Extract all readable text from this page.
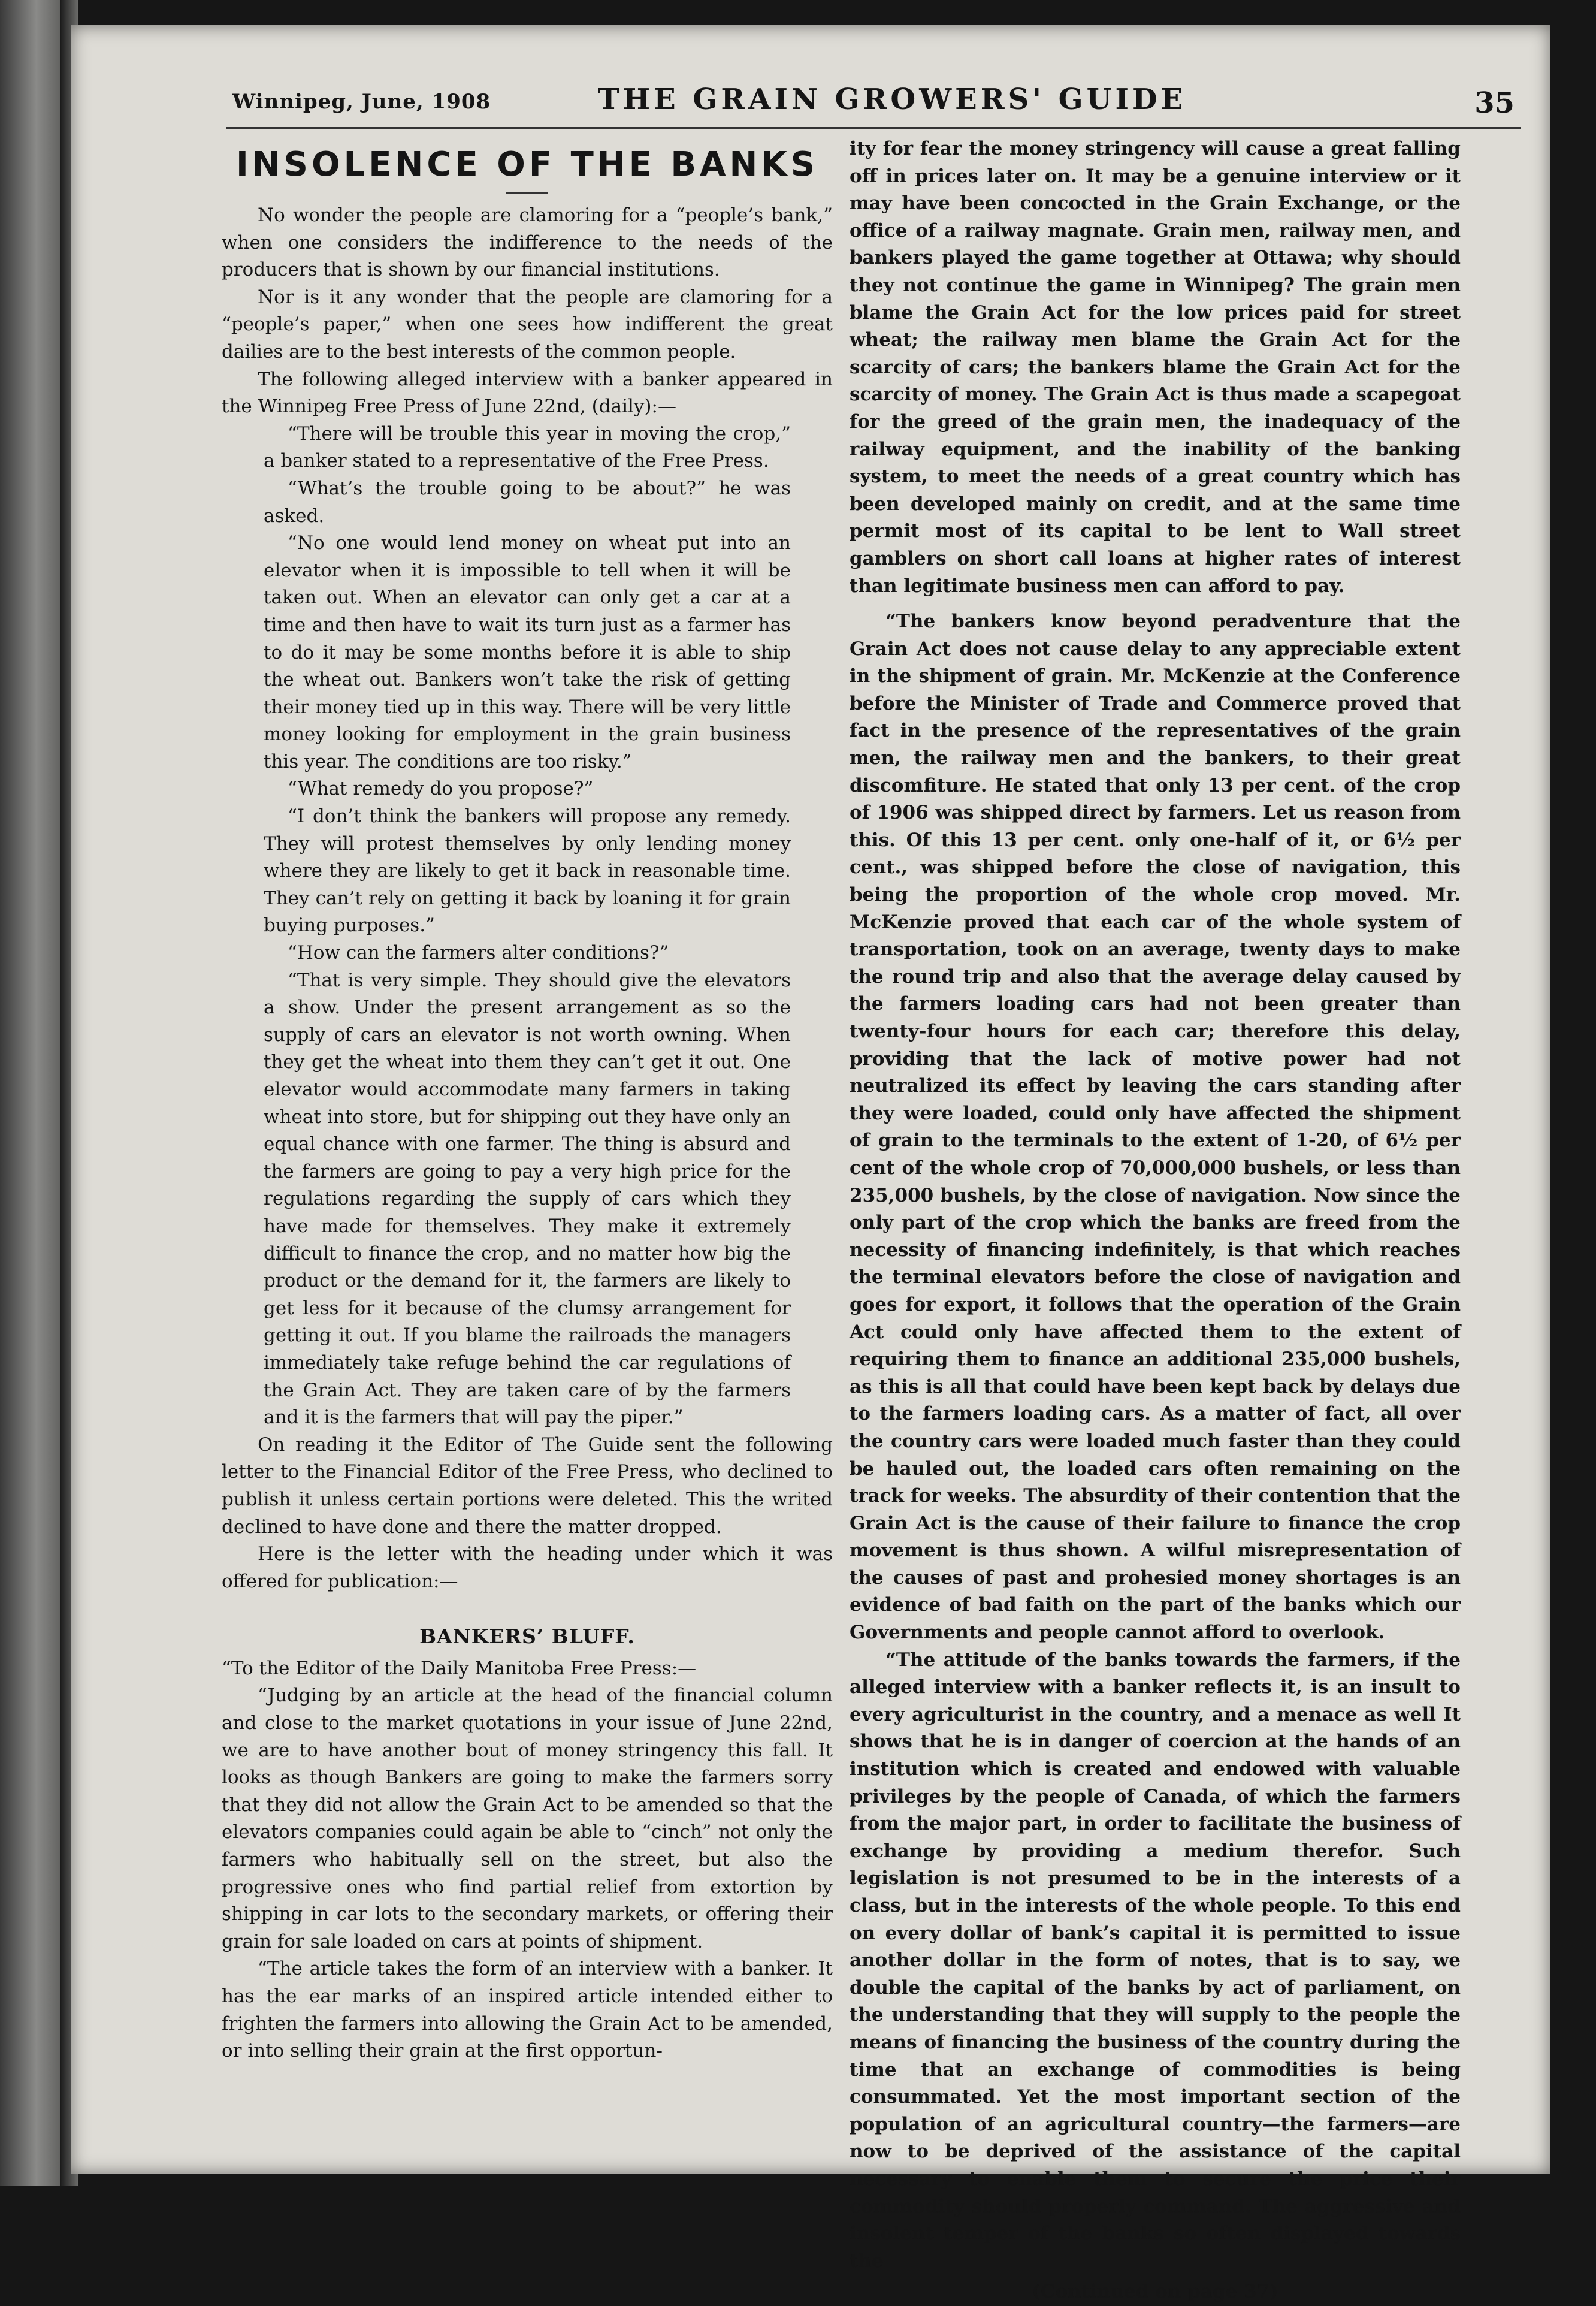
Winnipeg, June, 1908	THE GRAIN GROWERS' GUIDE	35
INSOLENCE OF THE BANKS

No wonder the people are clamoring for a “people’s bank,” when one considers the indifference to the needs of the producers that is shown by our financial institutions.

Nor is it any wonder that the people are clamoring for a “people’s paper,” when one sees how indifferent the great dailies are to the best interests of the common people.

The following alleged interview with a banker appeared in the Winnipeg Free Press of June 22nd, (daily):—

“There will be trouble this year in moving the crop,” a banker stated to a representative of the Free Press.

“What’s the trouble going to be about?” he was asked.

“No one would lend money on wheat put into an elevator when it is impossible to tell when it will be taken out. When an elevator can only get a car at a time and then have to wait its turn just as a farmer has to do it may be some months before it is able to ship the wheat out. Bankers won’t take the risk of getting their money tied up in this way. There will be very little money looking for employment in the grain business this year. The conditions are too risky.”

“What remedy do you propose?”

“I don’t think the bankers will propose any remedy. They will protest themselves by only lending money where they are likely to get it back in reasonable time. They can’t rely on getting it back by loaning it for grain buying purposes.”

“How can the farmers alter conditions?”

“That is very simple. They should give the elevators a show. Under the present arrangement as so the supply of cars an elevator is not worth owning. When they get the wheat into them they can’t get it out. One elevator would accommodate many farmers in taking wheat into store, but for shipping out they have only an equal chance with one farmer. The thing is absurd and the farmers are going to pay a very high price for the regulations regarding the supply of cars which they have made for themselves. They make it extremely difficult to finance the crop, and no matter how big the product or the demand for it, the farmers are likely to get less for it because of the clumsy arrangement for getting it out. If you blame the railroads the managers immediately take refuge behind the car regulations of the Grain Act. They are taken care of by the farmers and it is the farmers that will pay the piper.”

On reading it the Editor of The Guide sent the following letter to the Financial Editor of the Free Press, who declined to publish it unless certain portions were deleted. This the writed declined to have done and there the matter dropped.

Here is the letter with the heading under which it was offered for publication:—

BANKERS’ BLUFF.

“To the Editor of the Daily Manitoba Free Press:—

“Judging by an article at the head of the financial column and close to the market quotations in your issue of June 22nd, we are to have another bout of money stringency this fall. It looks as though Bankers are going to make the farmers sorry that they did not allow the Grain Act to be amended so that the elevators companies could again be able to “cinch” not only the farmers who habitually sell on the street, but also the progressive ones who find partial relief from extortion by shipping in car lots to the secondary markets, or offering their grain for sale loaded on cars at points of shipment.

“The article takes the form of an interview with a banker. It has the ear marks of an inspired article intended either to frighten the farmers into allowing the Grain Act to be amended, or into selling their grain at the first opportun-

ity for fear the money stringency will cause a great falling off in prices later on. It may be a genuine interview or it may have been concocted in the Grain Exchange, or the office of a railway magnate. Grain men, railway men, and bankers played the game together at Ottawa; why should they not continue the game in Winnipeg? The grain men blame the Grain Act for the low prices paid for street wheat; the railway men blame the Grain Act for the scarcity of cars; the bankers blame the Grain Act for the scarcity of money. The Grain Act is thus made a scapegoat for the greed of the grain men, the inadequacy of the railway equipment, and the inability of the banking system, to meet the needs of a great country which has been developed mainly on credit, and at the same time permit most of its capital to be lent to Wall street gamblers on short call loans at higher rates of interest than legitimate business men can afford to pay.

“The bankers know beyond peradventure that the Grain Act does not cause delay to any appreciable extent in the shipment of grain. Mr. McKenzie at the Conference before the Minister of Trade and Commerce proved that fact in the presence of the representatives of the grain men, the railway men and the bankers, to their great discomfiture. He stated that only 13 per cent. of the crop of 1906 was shipped direct by farmers. Let us reason from this. Of this 13 per cent. only one-half of it, or 6½ per cent., was shipped before the close of navigation, this being the proportion of the whole crop moved. Mr. McKenzie proved that each car of the whole system of transportation, took on an average, twenty days to make the round trip and also that the average delay caused by the farmers loading cars had not been greater than twenty-four hours for each car; therefore this delay, providing that the lack of motive power had not neutralized its effect by leaving the cars standing after they were loaded, could only have affected the shipment of grain to the terminals to the extent of 1-20, of 6½ per cent of the whole crop of 70,000,000 bushels, or less than 235,000 bushels, by the close of navigation. Now since the only part of the crop which the banks are freed from the necessity of financing indefinitely, is that which reaches the terminal elevators before the close of navigation and goes for export, it follows that the operation of the Grain Act could only have affected them to the extent of requiring them to finance an additional 235,000 bushels, as this is all that could have been kept back by delays due to the farmers loading cars. As a matter of fact, all over the country cars were loaded much faster than they could be hauled out, the loaded cars often remaining on the track for weeks. The absurdity of their contention that the Grain Act is the cause of their failure to finance the crop movement is thus shown. A wilful misrepresentation of the causes of past and prohesied money shortages is an evidence of bad faith on the part of the banks which our Governments and people cannot afford to overlook.

“The attitude of the banks towards the farmers, if the alleged interview with a banker reflects it, is an insult to every agriculturist in the country, and a menace as well It shows that he is in danger of coercion at the hands of an institution which is created and endowed with valuable privileges by the people of Canada, of which the farmers from the major part, in order to facilitate the business of exchange by providing a medium therefor. Such legislation is not presumed to be in the interests of a class, but in the interests of the whole people. To this end on every dollar of bank’s capital it is permitted to issue another dollar in the form of notes, that is to say, we double the capital of the banks by act of parliament, on the understanding that they will supply to the people the means of financing the business of the country during the time that an exchange of commodities is being consummated. Yet the most important section of the population of an agricultural country—the farmers—are now to be deprived of the assistance of the capital necessary to enable them to secure the price their commodity should properly command. The aggressive and insolent temper of the banks so often displayed towards the

(Continued on page 37)
